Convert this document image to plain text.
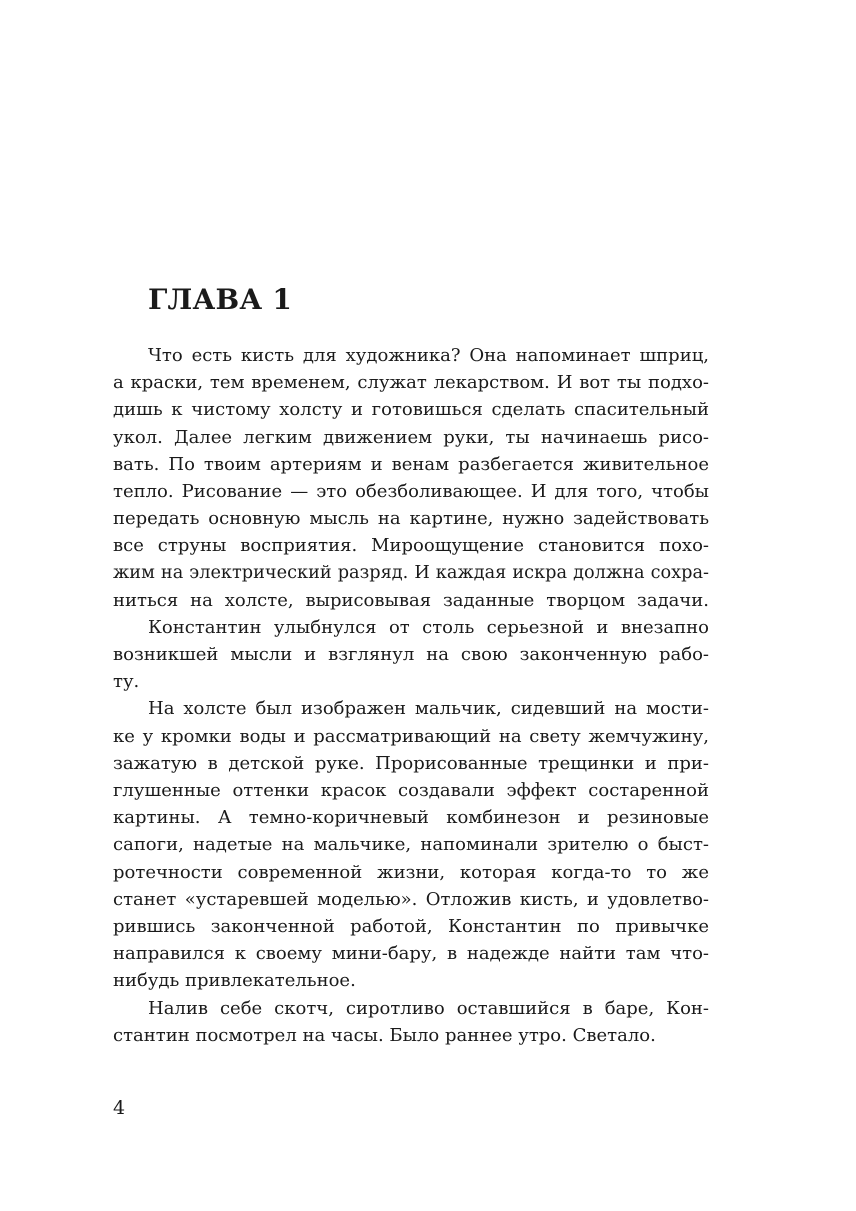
ГЛАВА 1
Что есть кисть для художника? Она напоминает шприц,
а краски, тем временем, служат лекарством. И вот ты подхо-
дишь к чистому холсту и готовишься сделать спасительный
укол. Далее легким движением руки, ты начинаешь рисо-
вать. По твоим артериям и венам разбегается живительное
тепло. Рисование — это обезболивающее. И для того, чтобы
передать основную мысль на картине, нужно задействовать
все струны восприятия. Мироощущение становится похо-
жим на электрический разряд. И каждая искра должна сохра-
ниться на холсте, вырисовывая заданные творцом задачи.
Константин улыбнулся от столь серьезной и внезапно
возникшей мысли и взглянул на свою законченную рабо-
ту.
На холсте был изображен мальчик, сидевший на мости-
ке у кромки воды и рассматривающий на свету жемчужину,
зажатую в детской руке. Прорисованные трещинки и при-
глушенные оттенки красок создавали эффект состаренной
картины. А темно-коричневый комбинезон и резиновые
сапоги, надетые на мальчике, напоминали зрителю о быст-
ротечности современной жизни, которая когда-то то же
станет «устаревшей моделью». Отложив кисть, и удовлетво-
рившись законченной работой, Константин по привычке
направился к своему мини-бару, в надежде найти там что-
нибудь привлекательное.
Налив себе скотч, сиротливо оставшийся в баре, Кон-
стантин посмотрел на часы. Было раннее утро. Светало.
4
